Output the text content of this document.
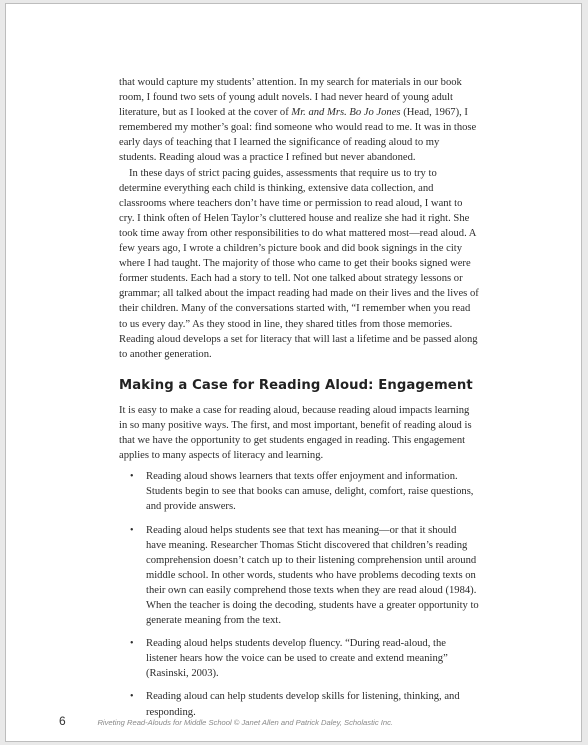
that would capture my students’ attention. In my search for materials in our book room, I found two sets of young adult novels. I had never heard of young adult literature, but as I looked at the cover of Mr. and Mrs. Bo Jo Jones (Head, 1967), I remembered my mother’s goal: find someone who would read to me. It was in those early days of teaching that I learned the significance of reading aloud to my students. Reading aloud was a practice I refined but never abandoned.

In these days of strict pacing guides, assessments that require us to try to determine everything each child is thinking, extensive data collection, and classrooms where teachers don’t have time or permission to read aloud, I want to cry. I think often of Helen Taylor’s cluttered house and realize she had it right. She took time away from other responsibilities to do what mattered most—read aloud. A few years ago, I wrote a children’s picture book and did book signings in the city where I had taught. The majority of those who came to get their books signed were former students. Each had a story to tell. Not one talked about strategy lessons or grammar; all talked about the impact reading had made on their lives and the lives of their children. Many of the conversations started with, “I remember when you read to us every day.” As they stood in line, they shared titles from those memories. Reading aloud develops a set for literacy that will last a lifetime and be passed along to another generation.

Making a Case for Reading Aloud: Engagement

It is easy to make a case for reading aloud, because reading aloud impacts learning in so many positive ways. The first, and most important, benefit of reading aloud is that we have the opportunity to get students engaged in reading. This engagement applies to many aspects of literacy and learning.

• Reading aloud shows learners that texts offer enjoyment and information. Students begin to see that books can amuse, delight, comfort, raise questions, and provide answers.
• Reading aloud helps students see that text has meaning—or that it should have meaning. Researcher Thomas Sticht discovered that children’s reading comprehension doesn’t catch up to their listening comprehension until around middle school. In other words, students who have problems decoding texts on their own can easily comprehend those texts when they are read aloud (1984). When the teacher is doing the decoding, students have a greater opportunity to generate meaning from the text.
• Reading aloud helps students develop fluency. “During read-aloud, the listener hears how the voice can be used to create and extend meaning” (Rasinski, 2003).
• Reading aloud can help students develop skills for listening, thinking, and responding.
6	Riveting Read-Alouds for Middle School © Janet Allen and Patrick Daley, Scholastic Inc.
